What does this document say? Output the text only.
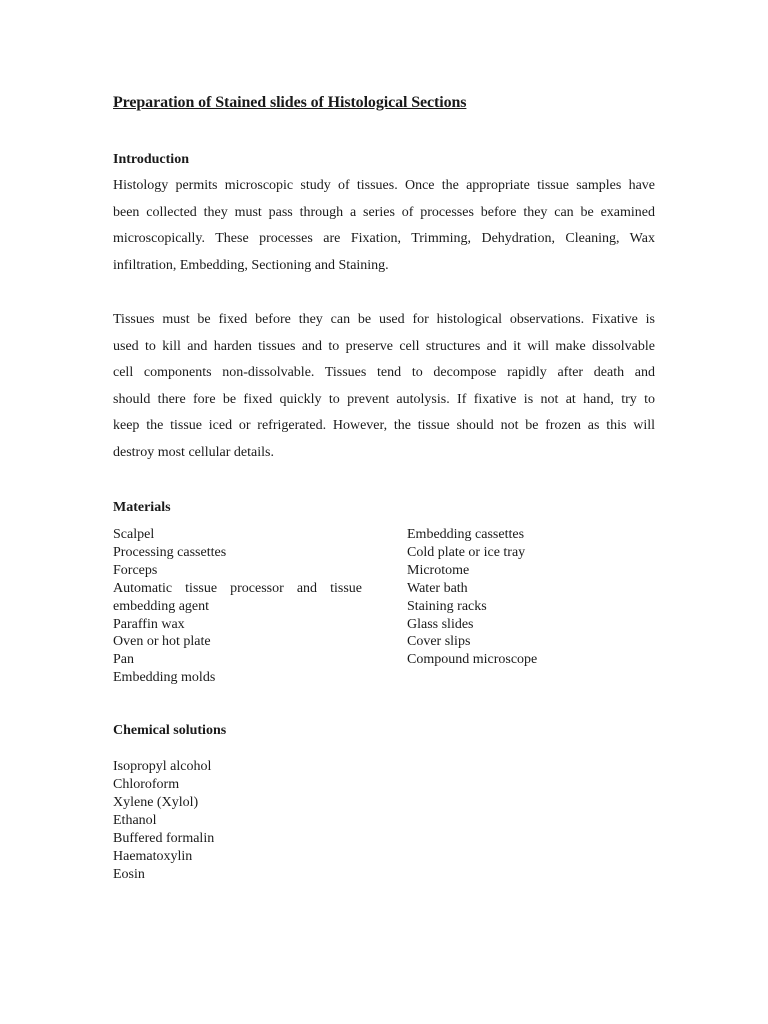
Preparation of Stained slides of Histological Sections
Introduction
Histology permits microscopic study of tissues. Once the appropriate tissue samples have
been collected they must pass through a series of processes before they can be examined
microscopically. These processes are Fixation, Trimming, Dehydration, Cleaning, Wax
infiltration, Embedding, Sectioning and Staining.
Tissues must be fixed before they can be used for histological observations. Fixative is
used to kill and harden tissues and to preserve cell structures and it will make dissolvable
cell components non-dissolvable. Tissues tend to decompose rapidly after death and
should there fore be fixed quickly to prevent autolysis. If fixative is not at hand, try to
keep the tissue iced or refrigerated. However, the tissue should not be frozen as this will
destroy most cellular details.
Materials
Scalpel
Processing cassettes
Forceps
Automatic tissue processor and tissue
embedding agent
Paraffin wax
Oven or hot plate
Pan
Embedding molds
Embedding cassettes
Cold plate or ice tray
Microtome
Water bath
Staining racks
Glass slides
Cover slips
Compound microscope
Chemical solutions
Isopropyl alcohol
Chloroform
Xylene (Xylol)
Ethanol
Buffered formalin
Haematoxylin
Eosin
